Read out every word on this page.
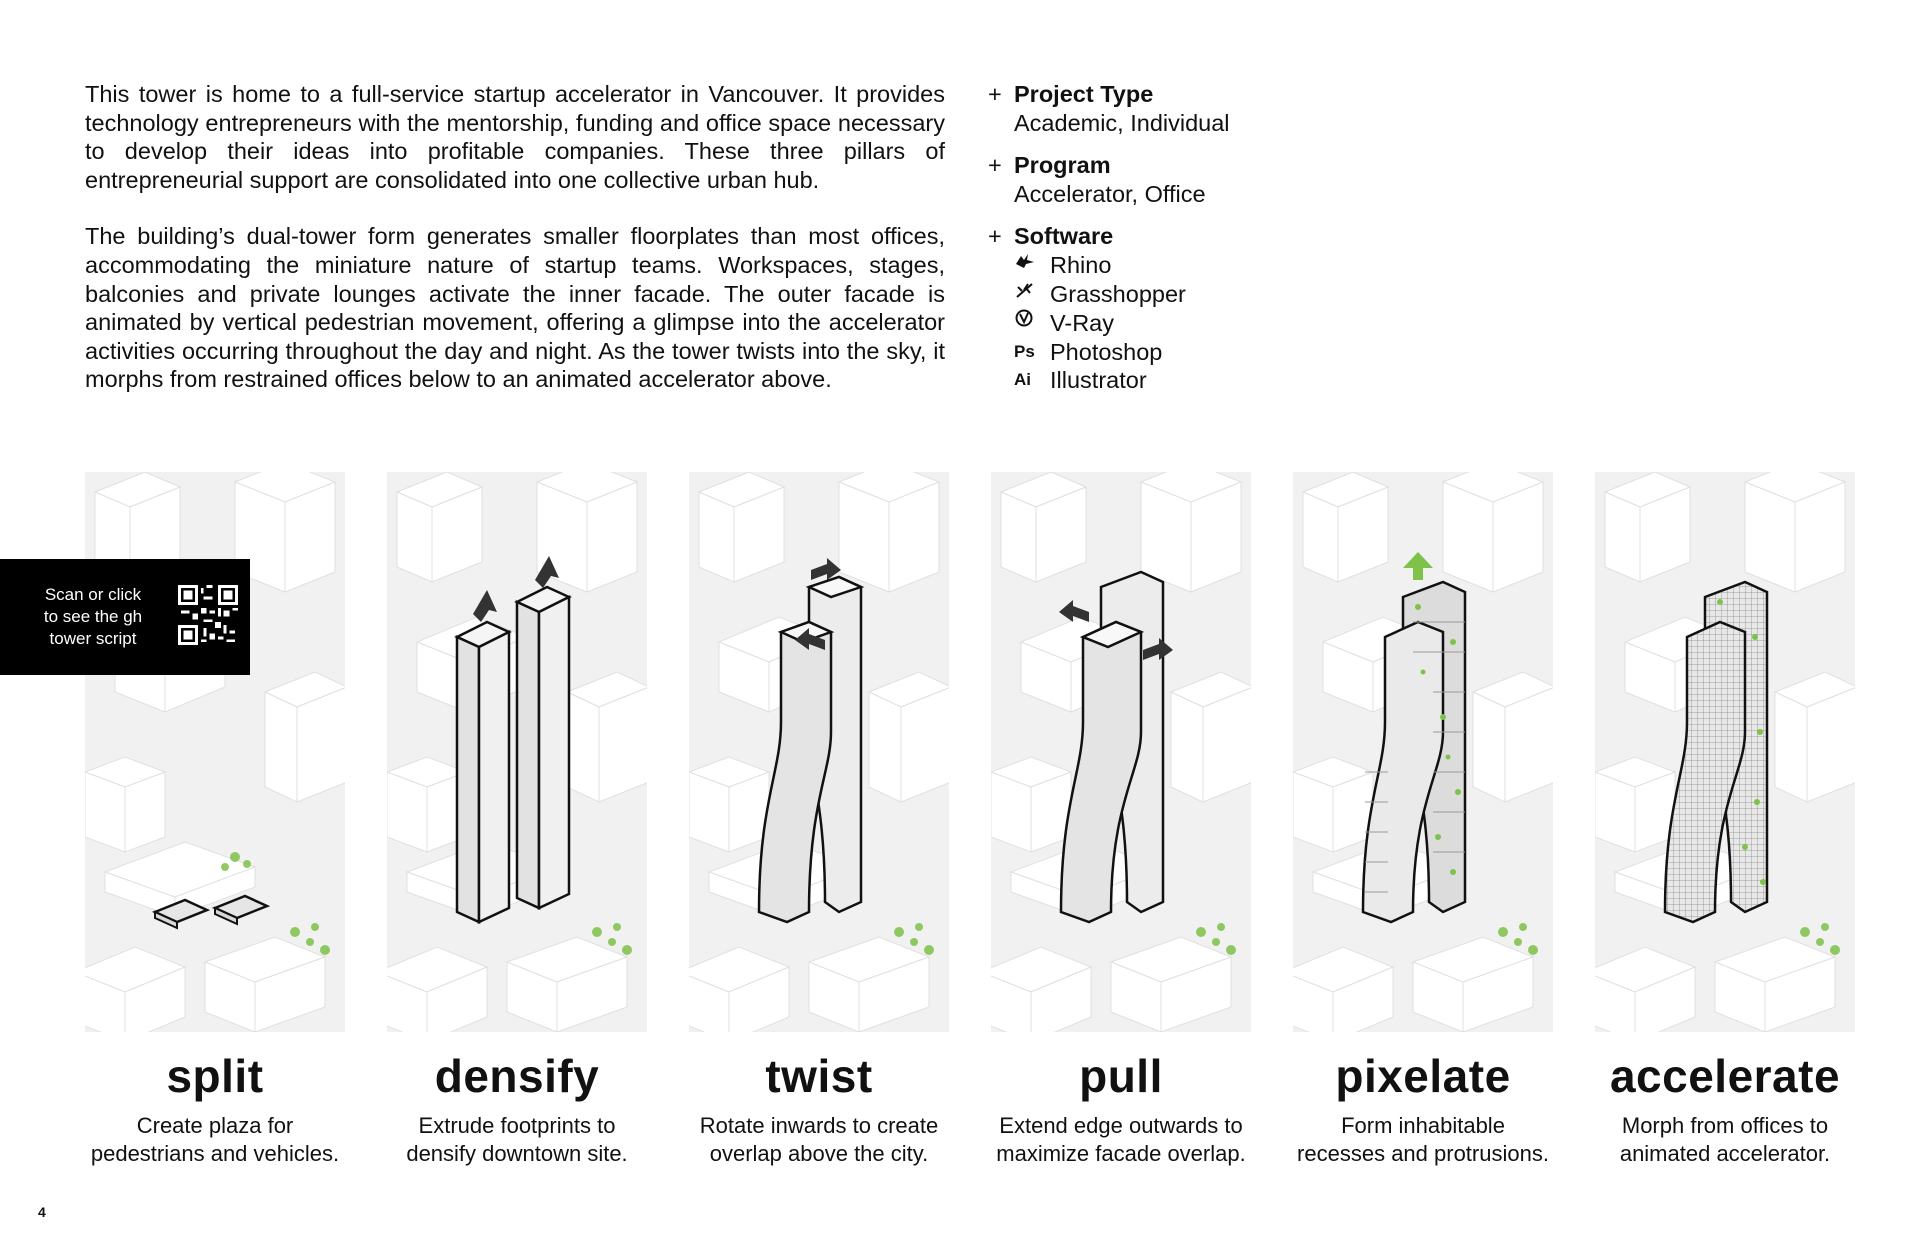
This tower is home to a full-service startup accelerator in Vancouver. It provides technology entrepreneurs with the mentorship, funding and office space necessary to develop their ideas into profitable companies. These three pillars of entrepreneurial support are consolidated into one collective urban hub.

The building’s dual-tower form generates smaller floorplates than most offices, accommodating the miniature nature of startup teams. Workspaces, stages, balconies and private lounges activate the inner facade. The outer facade is animated by vertical pedestrian movement, offering a glimpse into the accelerator activities occurring throughout the day and night. As the tower twists into the sky, it morphs from restrained offices below to an animated accelerator above.

+ Project Type
Academic, Individual
+ Program
Accelerator, Office
+ Software
Rhino
Grasshopper
V-Ray
Ps Photoshop
Ai Illustrator
split
Create plaza for
pedestrians and vehicles.
densify
Extrude footprints to
densify downtown site.
twist
Rotate inwards to create
overlap above the city.
pull
Extend edge outwards to
maximize facade overlap.
pixelate
Form inhabitable
recesses and protrusions.
accelerate
Morph from offices to
animated accelerator.
Scan or click
to see the gh
tower script
4
